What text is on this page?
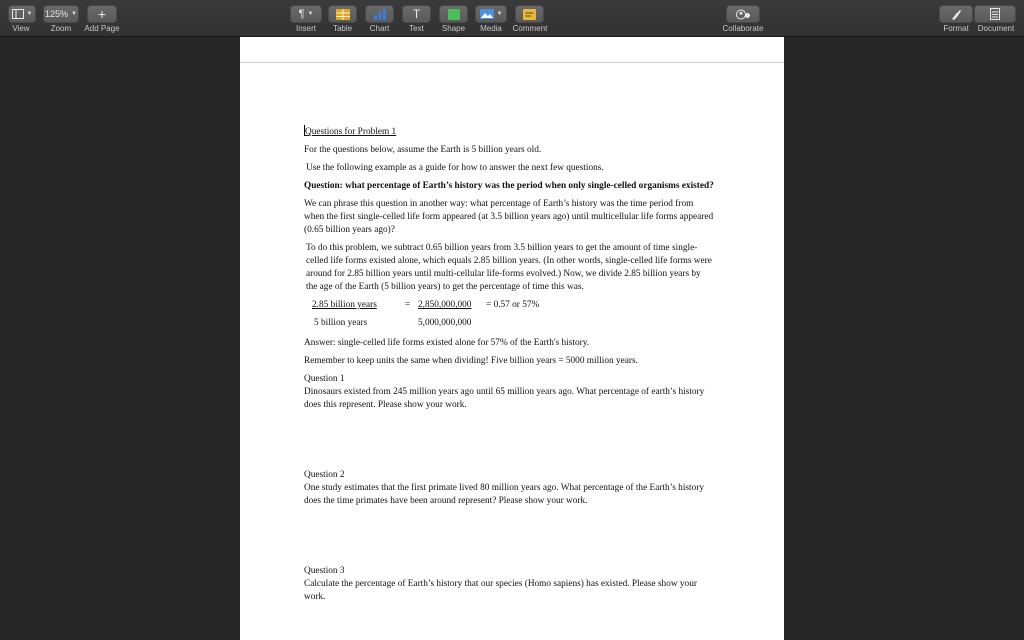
▼
View
125% ▼
Zoom
+
Add Page
¶ ▼
Insert	Table	Chart
T
Text	Shape
▼
Media	Comment	Collaborate	Format	Document
Questions for Problem 1
For the questions below, assume the Earth is 5 billion years old.
Use the following example as a guide for how to answer the next few questions.
Question: what percentage of Earth’s history was the period when only single-celled organisms existed?
We can phrase this question in another way: what percentage of Earth’s history was the time period from when the first single-celled life form appeared (at 3.5 billion years ago) until multicellular life forms appeared (0.65 billion years ago)?
To do this problem, we subtract 0.65 billion years from 3.5 billion years to get the amount of time single-celled life forms existed alone, which equals 2.85 billion years. (In other words, single-celled life forms were around for 2.85 billion years until multi-cellular life-forms evolved.) Now, we divide 2.85 billion years by the age of the Earth (5 billion years) to get the percentage of time this was.
2.85 billion years	= 2,850,000,000 = 0.57 or 57%
5 billion years	5,000,000,000
Answer: single-celled life forms existed alone for 57% of the Earth's history.
Remember to keep units the same when dividing! Five billion years = 5000 million years.
Question 1
Dinosaurs existed from 245 million years ago until 65 million years ago. What percentage of earth’s history does this represent. Please show your work.
Question 2
One study estimates that the first primate lived 80 million years ago. What percentage of the Earth’s history does the time primates have been around represent? Please show your work.
Question 3
Calculate the percentage of Earth’s history that our species (Homo sapiens) has existed. Please show your work.
